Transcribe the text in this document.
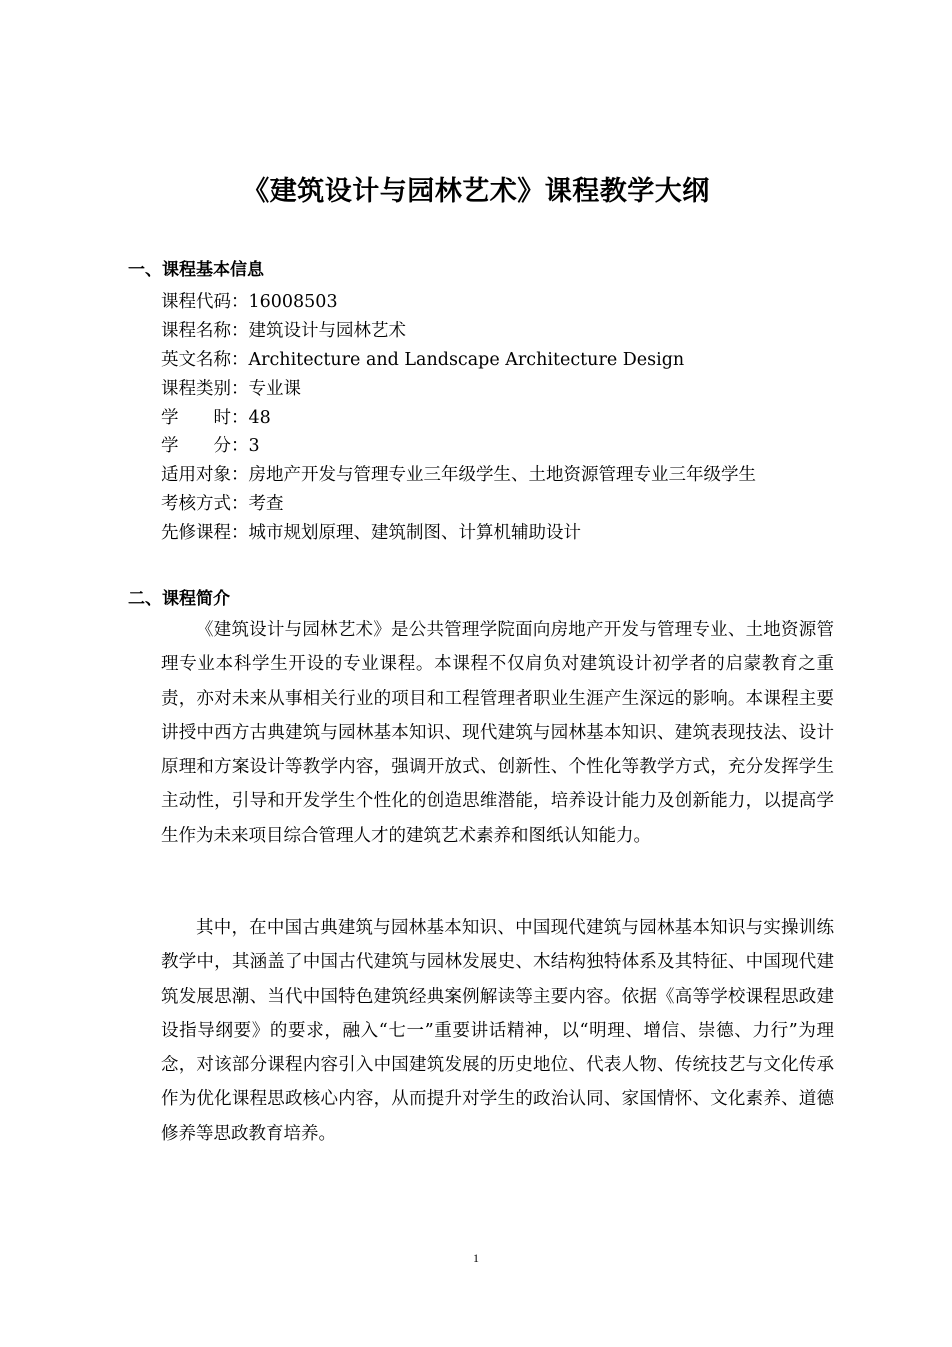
《建筑设计与园林艺术》课程教学大纲
一、课程基本信息
课程代码：16008503
课程名称：建筑设计与园林艺术
英文名称：Architecture and Landscape Architecture Design
课程类别：专业课
学　　时：48
学　　分：3
适用对象：房地产开发与管理专业三年级学生、土地资源管理专业三年级学生
考核方式：考查
先修课程：城市规划原理、建筑制图、计算机辅助设计
二、课程简介

《建筑设计与园林艺术》是公共管理学院面向房地产开发与管理专业、土地资源管理专业本科学生开设的专业课程。本课程不仅肩负对建筑设计初学者的启蒙教育之重责，亦对未来从事相关行业的项目和工程管理者职业生涯产生深远的影响。本课程主要讲授中西方古典建筑与园林基本知识、现代建筑与园林基本知识、建筑表现技法、设计原理和方案设计等教学内容，强调开放式、创新性、个性化等教学方式，充分发挥学生主动性，引导和开发学生个性化的创造思维潜能，培养设计能力及创新能力，以提高学生作为未来项目综合管理人才的建筑艺术素养和图纸认知能力。

其中，在中国古典建筑与园林基本知识、中国现代建筑与园林基本知识与实操训练教学中，其涵盖了中国古代建筑与园林发展史、木结构独特体系及其特征、中国现代建筑发展思潮、当代中国特色建筑经典案例解读等主要内容。依据《高等学校课程思政建设指导纲要》的要求，融入“七一”重要讲话精神，以“明理、增信、崇德、力行”为理念，对该部分课程内容引入中国建筑发展的历史地位、代表人物、传统技艺与文化传承作为优化课程思政核心内容，从而提升对学生的政治认同、家国情怀、文化素养、道德修养等思政教育培养。

1
